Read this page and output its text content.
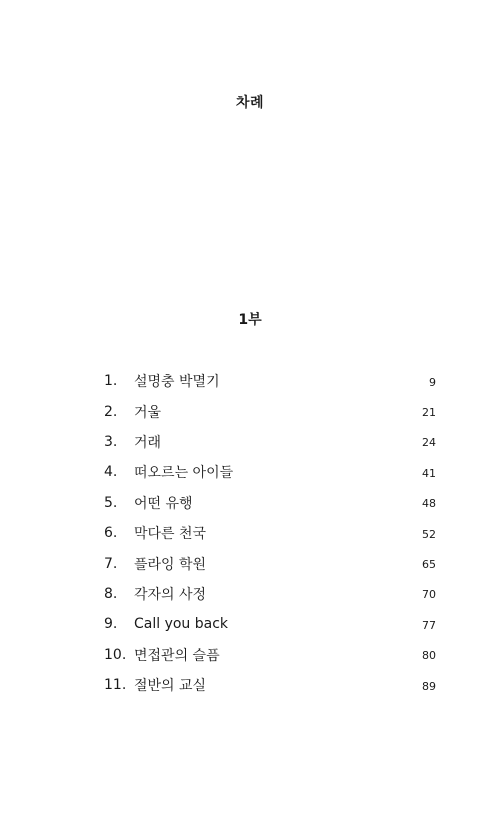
차례
1부
1.	설명충 박멸기	9
2.	거울	21
3.	거래	24
4.	떠오르는 아이들	41
5.	어떤 유행	48
6.	막다른 천국	52
7.	플라잉 학원	65
8.	각자의 사정	70
9.	Call you back	77
10. 면접관의 슬픔	80
11. 절반의 교실	89
